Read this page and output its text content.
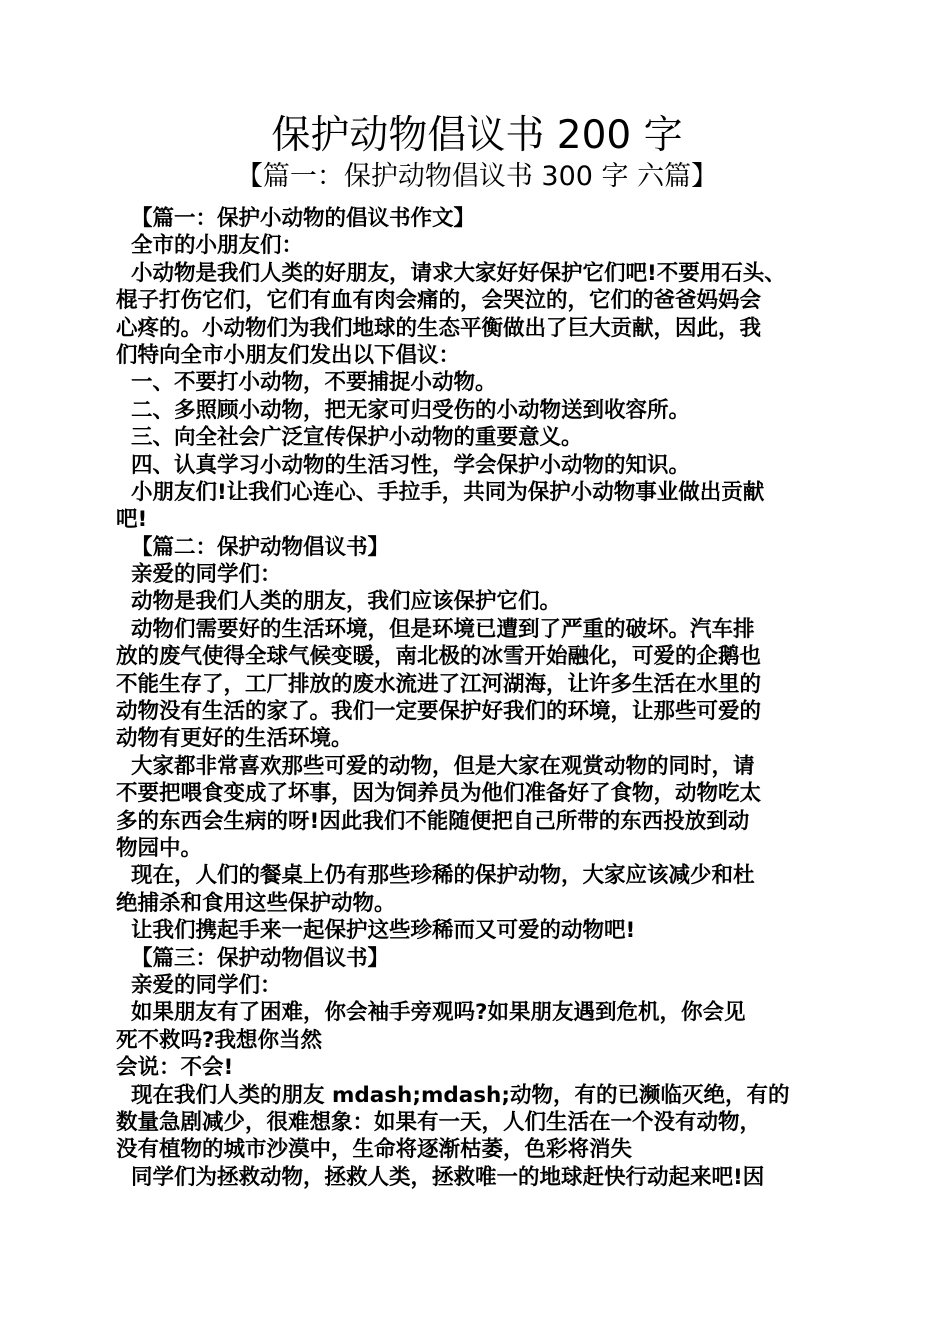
保护动物倡议书 200 字
【篇一：保护动物倡议书 300 字 六篇】
【篇一：保护小动物的倡议书作文】
全市的小朋友们：
小动物是我们人类的好朋友，请求大家好好保护它们吧!不要用石头、
棍子打伤它们，它们有血有肉会痛的，会哭泣的，它们的爸爸妈妈会
心疼的。小动物们为我们地球的生态平衡做出了巨大贡献，因此，我
们特向全市小朋友们发出以下倡议：
一、不要打小动物，不要捕捉小动物。
二、多照顾小动物，把无家可归受伤的小动物送到收容所。
三、向全社会广泛宣传保护小动物的重要意义。
四、认真学习小动物的生活习性，学会保护小动物的知识。
小朋友们!让我们心连心、手拉手，共同为保护小动物事业做出贡献
吧!
【篇二：保护动物倡议书】
亲爱的同学们：
动物是我们人类的朋友，我们应该保护它们。
动物们需要好的生活环境，但是环境已遭到了严重的破坏。汽车排
放的废气使得全球气候变暖，南北极的冰雪开始融化，可爱的企鹅也
不能生存了，工厂排放的废水流进了江河湖海，让许多生活在水里的
动物没有生活的家了。我们一定要保护好我们的环境，让那些可爱的
动物有更好的生活环境。
大家都非常喜欢那些可爱的动物，但是大家在观赏动物的同时，请
不要把喂食变成了坏事，因为饲养员为他们准备好了食物，动物吃太
多的东西会生病的呀!因此我们不能随便把自己所带的东西投放到动
物园中。
现在，人们的餐桌上仍有那些珍稀的保护动物，大家应该减少和杜
绝捕杀和食用这些保护动物。
让我们携起手来一起保护这些珍稀而又可爱的动物吧!
【篇三：保护动物倡议书】
亲爱的同学们：
如果朋友有了困难，你会袖手旁观吗?如果朋友遇到危机，你会见
死不救吗?我想你当然
会说：不会!
现在我们人类的朋友 mdash;mdash;动物，有的已濒临灭绝，有的
数量急剧减少，很难想象：如果有一天，人们生活在一个没有动物，
没有植物的城市沙漠中，生命将逐渐枯萎，色彩将消失
同学们为拯救动物，拯救人类，拯救唯一的地球赶快行动起来吧!因
